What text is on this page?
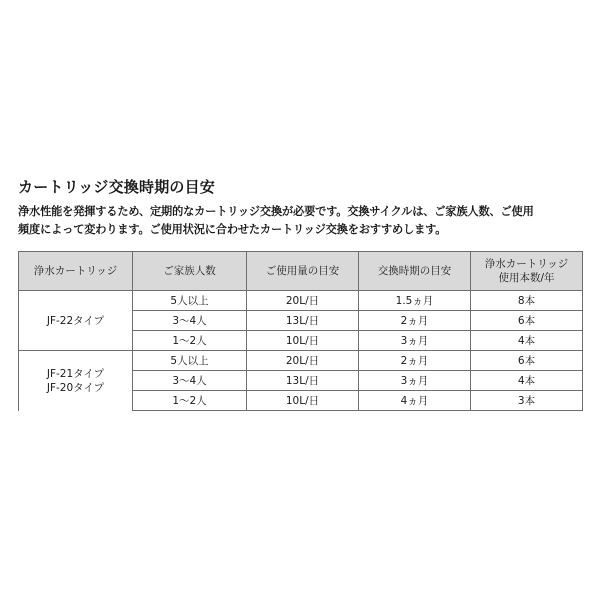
カートリッジ交換時期の目安

浄水性能を発揮するため、定期的なカートリッジ交換が必要です。交換サイクルは、ご家族人数、ご使用
頻度によって変わります。ご使用状況に合わせたカートリッジ交換をおすすめします。

浄水カートリッジ	ご家族人数	ご使用量の目安	交換時期の目安	浄水カートリッジ
使用本数/年
JF-22タイプ	5人以上	20L/日	1.5ヵ月	8本
	3〜4人	13L/日	2ヵ月	6本
	1〜2人	10L/日	3ヵ月	4本
JF-21タイプ
JF-20タイプ	5人以上	20L/日	2ヵ月	6本
	3〜4人	13L/日	3ヵ月	4本
	1〜2人	10L/日	4ヵ月	3本
